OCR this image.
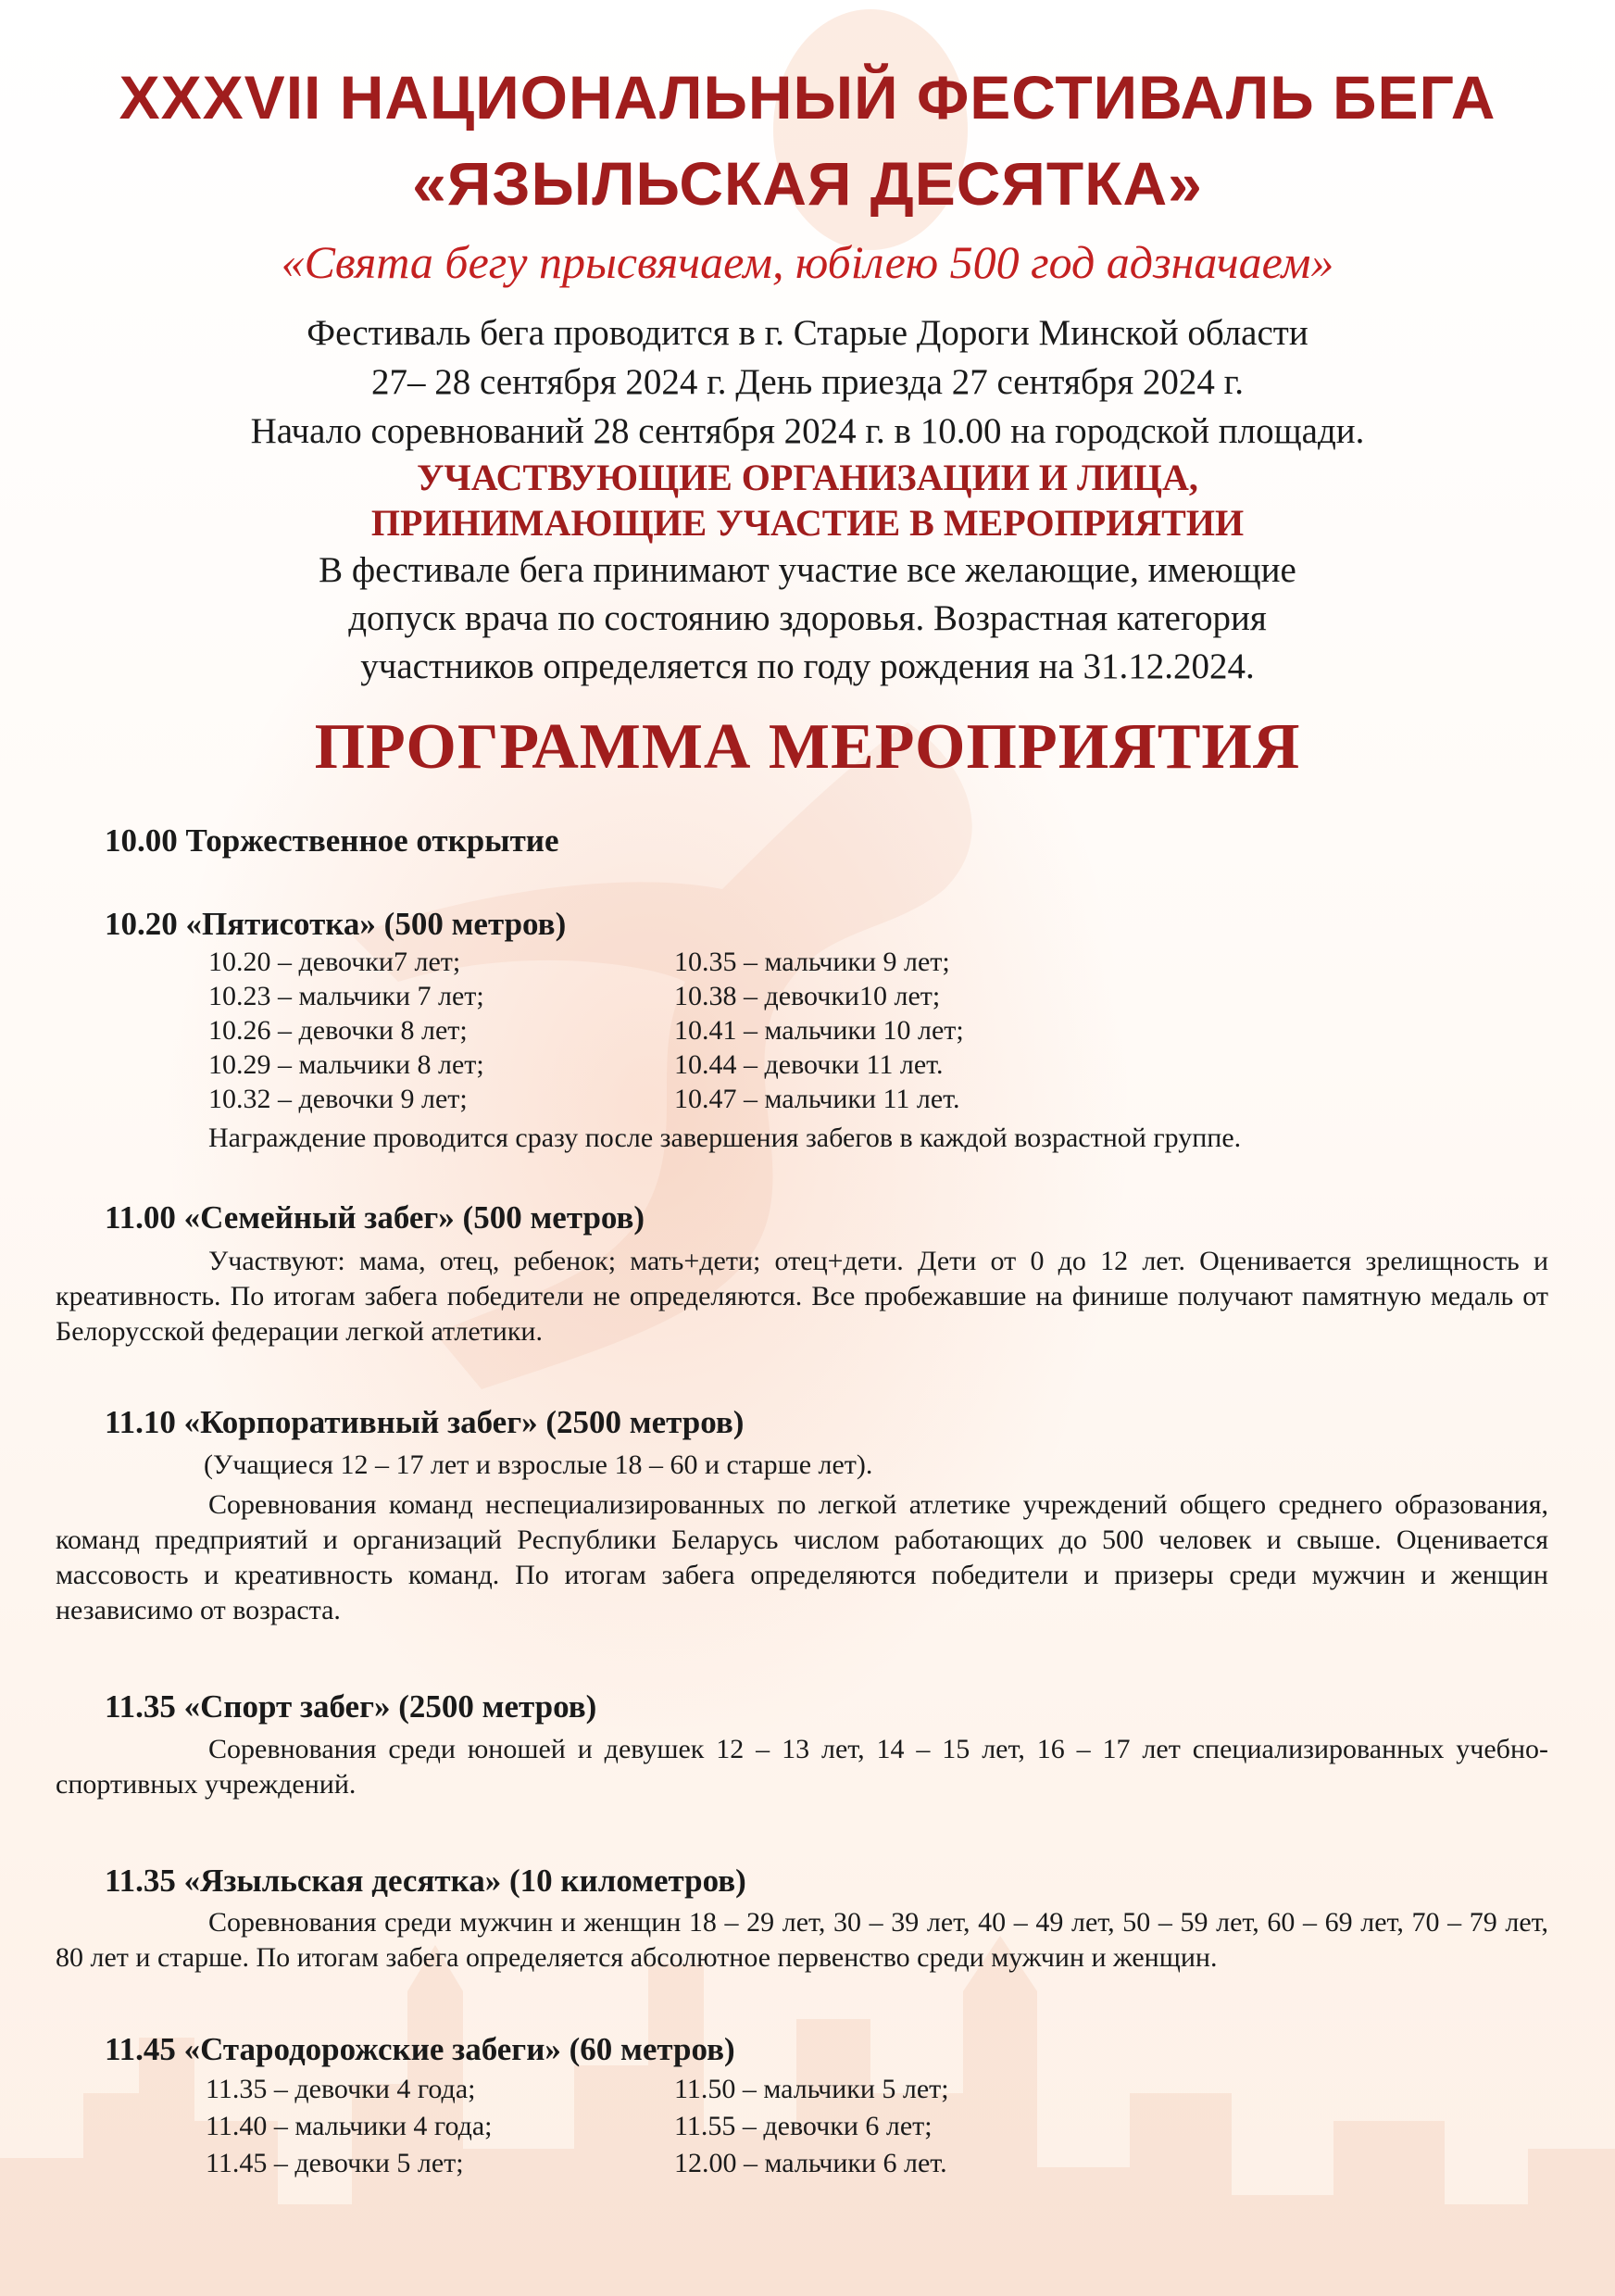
XXXVII НАЦИОНАЛЬНЫЙ ФЕСТИВАЛЬ БЕГА
«ЯЗЫЛЬСКАЯ ДЕСЯТКА»
«Свята бегу прысвячаем, юбілею 500 год адзначаем»
Фестиваль бега проводится в г. Старые Дороги Минской области
27– 28 сентября 2024 г. День приезда 27 сентября 2024 г.
Начало соревнований 28 сентября 2024 г. в 10.00 на городской площади.
УЧАСТВУЮЩИЕ ОРГАНИЗАЦИИ И ЛИЦА,
ПРИНИМАЮЩИЕ УЧАСТИЕ В МЕРОПРИЯТИИ
В фестивале бега принимают участие все желающие, имеющие
допуск врача по состоянию здоровья. Возрастная категория
участников определяется по году рождения на 31.12.2024.
ПРОГРАММА МЕРОПРИЯТИЯ
10.00 Торжественное открытие
10.20 «Пятисотка» (500 метров)
10.20 – девочки7 лет;
10.23 – мальчики 7 лет;
10.26 – девочки 8 лет;
10.29 – мальчики 8 лет;
10.32 – девочки 9 лет;
10.35 – мальчики 9 лет;
10.38 – девочки10 лет;
10.41 – мальчики 10 лет;
10.44 – девочки 11 лет.
10.47 – мальчики 11 лет.
Награждение проводится сразу после завершения забегов в каждой возрастной группе.
11.00 «Семейный забег» (500 метров)
Участвуют: мама, отец, ребенок; мать+дети; отец+дети. Дети от 0 до 12 лет. Оценивается зрелищность и креативность. По итогам забега победители не определяются. Все пробежавшие на финише получают памятную медаль от Белорусской федерации легкой атлетики.
11.10 «Корпоративный забег» (2500 метров)
(Учащиеся 12 – 17 лет и взрослые 18 – 60 и старше лет).
Соревнования команд неспециализированных по легкой атлетике учреждений общего среднего образования, команд предприятий и организаций Республики Беларусь числом работающих до 500 человек и свыше. Оценивается массовость и креативность команд. По итогам забега определяются победители и призеры среди мужчин и женщин независимо от возраста.
11.35 «Спорт забег» (2500 метров)
Соревнования среди юношей и девушек 12 – 13 лет, 14 – 15 лет, 16 – 17 лет специализированных учебно-спортивных учреждений.
11.35 «Языльская десятка» (10 километров)
Соревнования среди мужчин и женщин 18 – 29 лет, 30 – 39 лет, 40 – 49 лет, 50 – 59 лет, 60 – 69 лет, 70 – 79 лет, 80 лет и старше. По итогам забега определяется абсолютное первенство среди мужчин и женщин.
11.45 «Стародорожские забеги» (60 метров)
11.35 – девочки 4 года;
11.40 – мальчики 4 года;
11.45 – девочки 5 лет;
11.50 – мальчики 5 лет;
11.55 – девочки 6 лет;
12.00 – мальчики 6 лет.
